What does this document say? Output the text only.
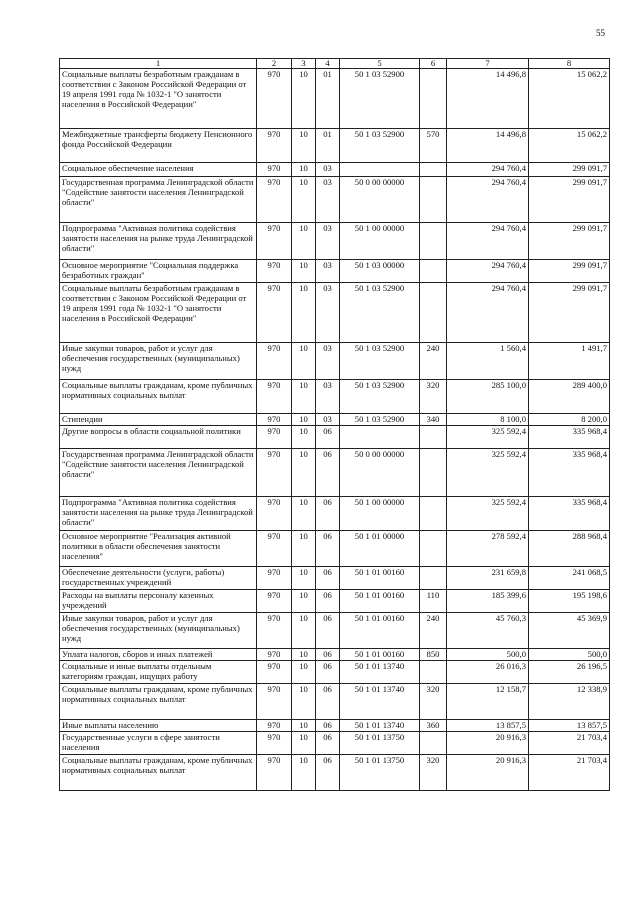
55
1	2	3	4	5	6	7	8
Социальные выплаты безработным гражданам в соответствии с Законом Российской Федерации от 19 апреля 1991 года № 1032-1 "О занятости населения в Российской Федерации"	970	10	01	50 1 03 52900		14 496,8	15 062,2
Межбюджетные трансферты бюджету Пенсионного фонда Российской Федерации	970	10	01	50 1 03 52900	570	14 496,8	15 062,2
Социальное обеспечение населения	970	10	03			294 760,4	299 091,7
Государственная программа Ленинградской области "Содействие занятости населения Ленинградской области"	970	10	03	50 0 00 00000		294 760,4	299 091,7
Подпрограмма "Активная политика содействия занятости населения на рынке труда Ленинградской области"	970	10	03	50 1 00 00000		294 760,4	299 091,7
Основное мероприятие "Социальная поддержка безработных граждан"	970	10	03	50 1 03 00000		294 760,4	299 091,7
Социальные выплаты безработным гражданам в соответствии с Законом Российской Федерации от 19 апреля 1991 года № 1032-1 "О занятости населения в Российской Федерации"	970	10	03	50 1 03 52900		294 760,4	299 091,7
Иные закупки товаров, работ и услуг для обеспечения государственных (муниципальных) нужд	970	10	03	50 1 03 52900	240	1 560,4	1 491,7
Социальные выплаты гражданам, кроме публичных нормативных социальных выплат	970	10	03	50 1 03 52900	320	285 100,0	289 400,0
Стипендии	970	10	03	50 1 03 52900	340	8 100,0	8 200,0
Другие вопросы в области социальной политики	970	10	06			325 592,4	335 968,4
Государственная программа Ленинградской области "Содействие занятости населения Ленинградской области"	970	10	06	50 0 00 00000		325 592,4	335 968,4
Подпрограмма "Активная политика содействия занятости населения на рынке труда Ленинградской области"	970	10	06	50 1 00 00000		325 592,4	335 968,4
Основное мероприятие "Реализация активной политики в области обеспечения занятости населения"	970	10	06	50 1 01 00000		278 592,4	288 968,4
Обеспечение деятельности (услуги, работы) государственных учреждений	970	10	06	50 1 01 00160		231 659,8	241 068,5
Расходы на выплаты персоналу казенных учреждений	970	10	06	50 1 01 00160	110	185 399,6	195 198,6
Иные закупки товаров, работ и услуг для обеспечения государственных (муниципальных) нужд	970	10	06	50 1 01 00160	240	45 760,3	45 369,9
Уплата налогов, сборов и иных платежей	970	10	06	50 1 01 00160	850	500,0	500,0
Социальные и иные выплаты отдельным категориям граждан, ищущих работу	970	10	06	50 1 01 13740		26 016,3	26 196,5
Социальные выплаты гражданам, кроме публичных нормативных социальных выплат	970	10	06	50 1 01 13740	320	12 158,7	12 338,9
Иные выплаты населению	970	10	06	50 1 01 13740	360	13 857,5	13 857,5
Государственные услуги в сфере занятости населения	970	10	06	50 1 01 13750		20 916,3	21 703,4
Социальные выплаты гражданам, кроме публичных нормативных социальных выплат	970	10	06	50 1 01 13750	320	20 916,3	21 703,4
